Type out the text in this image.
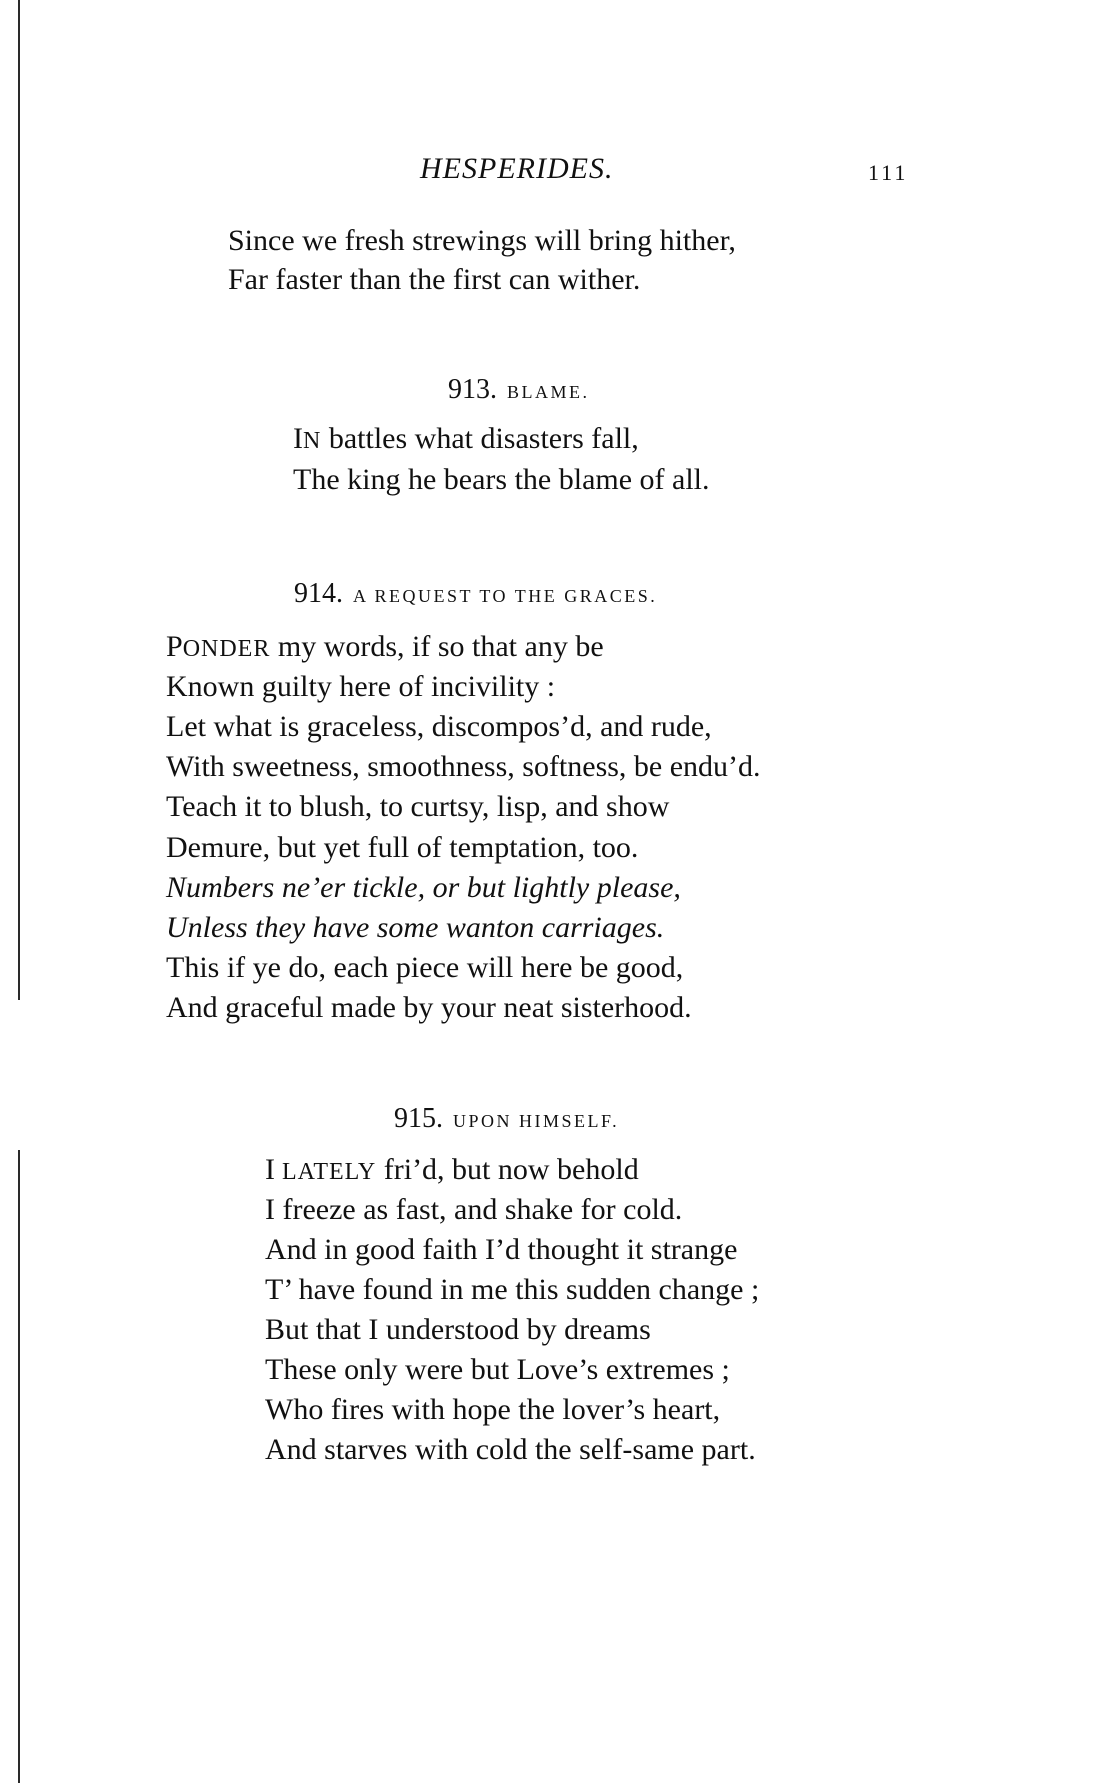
HESPERIDES.	111
Since we fresh strewings will bring hither,
Far faster than the first can wither.
913. BLAME.
IN battles what disasters fall,
The king he bears the blame of all.
914. A REQUEST TO THE GRACES.
PONDER my words, if so that any be
Known guilty here of incivility :
Let what is graceless, discompos’d, and rude,
With sweetness, smoothness, softness, be endu’d.
Teach it to blush, to curtsy, lisp, and show
Demure, but yet full of temptation, too.
Numbers ne’er tickle, or but lightly please,
Unless they have some wanton carriages.
This if ye do, each piece will here be good,
And graceful made by your neat sisterhood.
915. UPON HIMSELF.
I LATELY fri’d, but now behold
I freeze as fast, and shake for cold.
And in good faith I’d thought it strange
T’ have found in me this sudden change ;
But that I understood by dreams
These only were but Love’s extremes ;
Who fires with hope the lover’s heart,
And starves with cold the self-same part.
